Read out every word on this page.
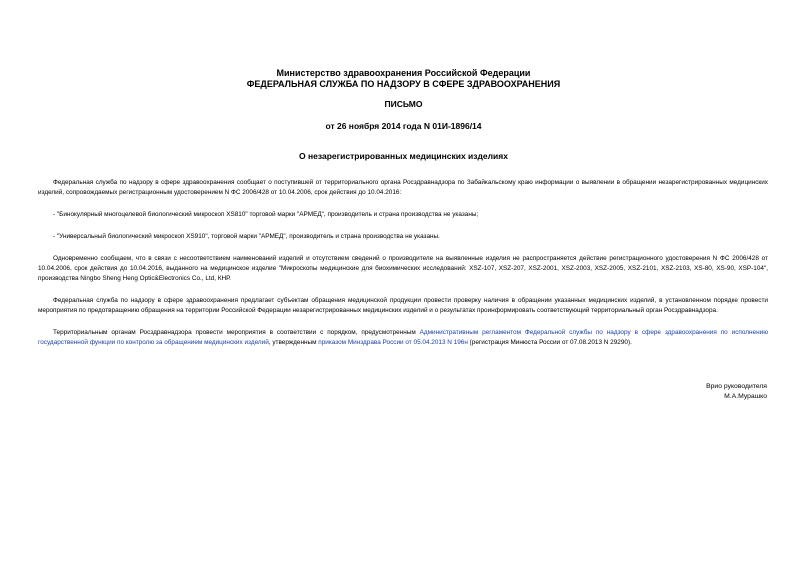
Министерство здравоохранения Российской Федерации
ФЕДЕРАЛЬНАЯ СЛУЖБА ПО НАДЗОРУ В СФЕРЕ ЗДРАВООХРАНЕНИЯ
ПИСЬМО
от 26 ноября 2014 года N 01И-1896/14
О незарегистрированных медицинских изделиях

Федеральная служба по надзору в сфере здравоохранения сообщает о поступившей от территориального органа Росздравнадзора по Забайкальскому краю информации о выявлении в обращении незарегистрированных медицинских изделий, сопровождаемых регистрационным удостоверением N ФС 2006/428 от 10.04.2006, срок действия до 10.04.2016:

- "Бинокулярный многоцелевой биологический микроскоп XS810" торговой марки "АРМЕД", производитель и страна производства не указаны;

- "Универсальный биологический микроскоп XS910", торговой марки "АРМЕД", производитель и страна производства не указаны.

Одновременно сообщаем, что в связи с несоответствием наименований изделий и отсутствием сведений о производителе на выявленные изделия не распространяется действие регистрационного удостоверения N ФС 2006/428 от 10.04.2006, срок действия до 10.04.2016, выданного на медицинское изделие "Микроскопы медицинские для биохимических исследований: XSZ-107, XSZ-207, XSZ-2001, XSZ-2003, XSZ-2005, XSZ-2101, XSZ-2103, XS-80, XS-90, XSP-104", производства Ningbo Sheng Heng Optic&Electronics Co., Ltd, КНР.

Федеральная служба по надзору в сфере здравоохранения предлагает субъектам обращения медицинской продукции провести проверку наличия в обращении указанных медицинских изделий, в установленном порядке провести мероприятия по предотвращению обращения на территории Российской Федерации незарегистрированных медицинских изделий и о результатах проинформировать соответствующий территориальный орган Росздравнадзора.

Территориальным органам Росздравнадзора провести мероприятия в соответствии с порядком, предусмотренным Административным регламентом Федеральной службы по надзору в сфере здравоохранения по исполнению государственной функции по контролю за обращением медицинских изделий, утвержденным приказом Минздрава России от 05.04.2013 N 196н (регистрация Минюста России от 07.08.2013 N 29290).

Врио руководителя
М.А.Мурашко
